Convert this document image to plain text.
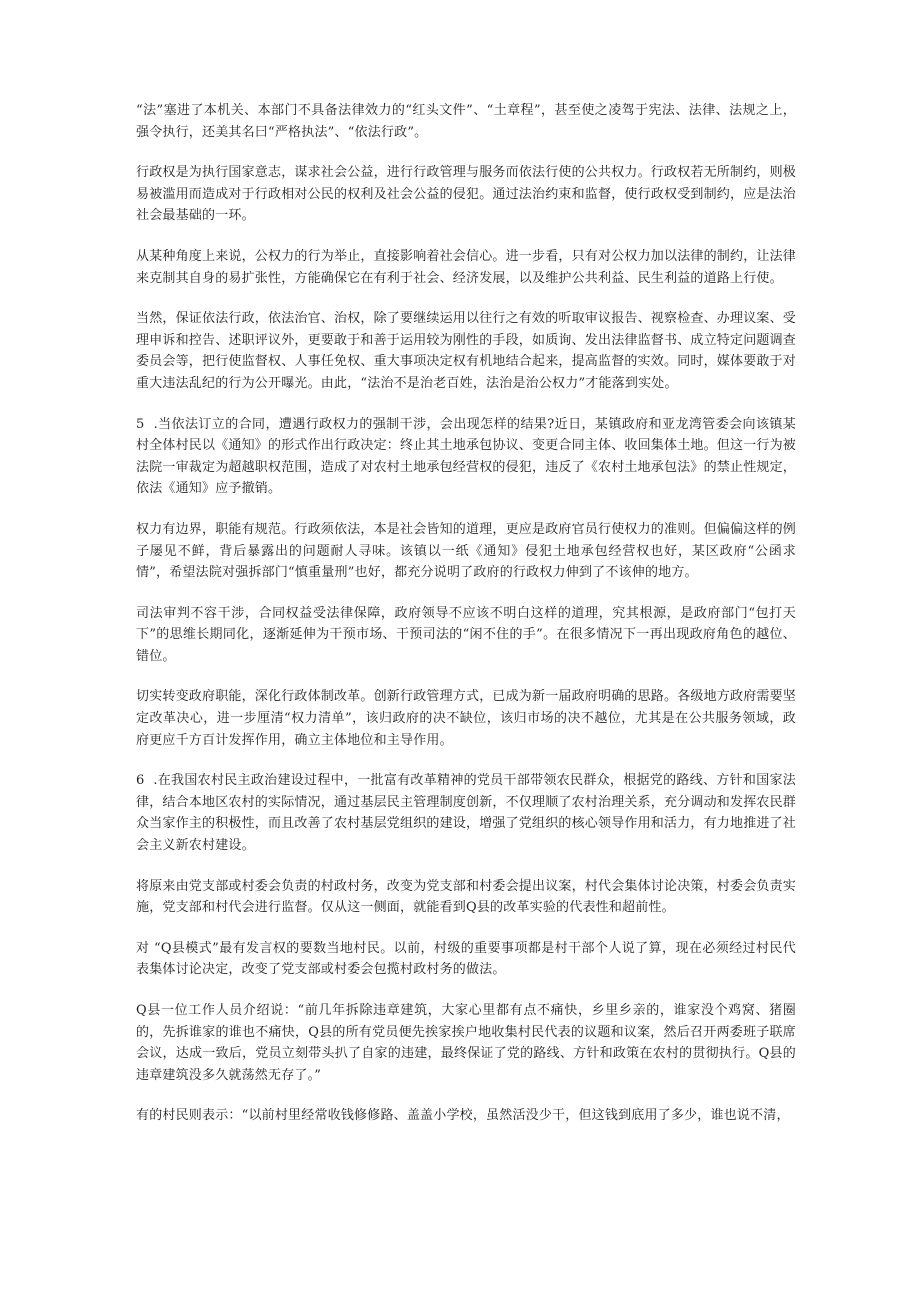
“法”塞进了本机关、本部门不具备法律效力的“红头文件”、“土章程”，甚至使之凌驾于宪法、法律、法规之上，强令执行，还美其名曰“严格执法”、“依法行政”。

行政权是为执行国家意志，谋求社会公益，进行行政管理与服务而依法行使的公共权力。行政权若无所制约，则极易被滥用而造成对于行政相对公民的权利及社会公益的侵犯。通过法治约束和监督，使行政权受到制约，应是法治社会最基础的一环。

从某种角度上来说，公权力的行为举止，直接影响着社会信心。进一步看，只有对公权力加以法律的制约，让法律来克制其自身的易扩张性，方能确保它在有利于社会、经济发展，以及维护公共利益、民生利益的道路上行使。

当然，保证依法行政，依法治官、治权，除了要继续运用以往行之有效的听取审议报告、视察检查、办理议案、受理申诉和控告、述职评议外，更要敢于和善于运用较为刚性的手段，如质询、发出法律监督书、成立特定问题调查委员会等，把行使监督权、人事任免权、重大事项决定权有机地结合起来，提高监督的实效。同时，媒体要敢于对重大违法乱纪的行为公开曝光。由此，“法治不是治老百姓，法治是治公权力”才能落到实处。

5  .当依法订立的合同，遭遇行政权力的强制干涉，会出现怎样的结果?近日，某镇政府和亚龙湾管委会向该镇某村全体村民以《通知》的形式作出行政决定：终止其土地承包协议、变更合同主体、收回集体土地。但这一行为被法院一审裁定为超越职权范围，造成了对农村土地承包经营权的侵犯，违反了《农村土地承包法》的禁止性规定，依法《通知》应予撤销。

权力有边界，职能有规范。行政须依法，本是社会皆知的道理，更应是政府官员行使权力的准则。但偏偏这样的例子屡见不鲜，背后暴露出的问题耐人寻味。该镇以一纸《通知》侵犯土地承包经营权也好，某区政府“公函求情”，希望法院对强拆部门“慎重量刑”也好，都充分说明了政府的行政权力伸到了不该伸的地方。

司法审判不容干涉，合同权益受法律保障，政府领导不应该不明白这样的道理，究其根源，是政府部门“包打天下”的思维长期同化，逐渐延伸为干预市场、干预司法的“闲不住的手”。在很多情况下一再出现政府角色的越位、错位。

切实转变政府职能，深化行政体制改革。创新行政管理方式，已成为新一届政府明确的思路。各级地方政府需要坚定改革决心，进一步厘清“权力清单”，该归政府的决不缺位，该归市场的决不越位，尤其是在公共服务领域，政府更应千方百计发挥作用，确立主体地位和主导作用。

6  .在我国农村民主政治建设过程中，一批富有改革精神的党员干部带领农民群众，根据党的路线、方针和国家法律，结合本地区农村的实际情况，通过基层民主管理制度创新，不仅理顺了农村治理关系，充分调动和发挥农民群众当家作主的积极性，而且改善了农村基层党组织的建设，增强了党组织的核心领导作用和活力，有力地推进了社会主义新农村建设。

将原来由党支部或村委会负责的村政村务，改变为党支部和村委会提出议案，村代会集体讨论决策，村委会负责实施，党支部和村代会进行监督。仅从这一侧面，就能看到Q县的改革实验的代表性和超前性。

对 “Q县模式”最有发言权的要数当地村民。以前，村级的重要事项都是村干部个人说了算，现在必须经过村民代表集体讨论决定，改变了党支部或村委会包揽村政村务的做法。

Q县一位工作人员介绍说：“前几年拆除违章建筑，大家心里都有点不痛快，乡里乡亲的，谁家没个鸡窝、猪圈的，先拆谁家的谁也不痛快，Q县的所有党员便先挨家挨户地收集村民代表的议题和议案，然后召开两委班子联席会议，达成一致后，党员立刻带头扒了自家的违建，最终保证了党的路线、方针和政策在农村的贯彻执行。Q县的违章建筑没多久就荡然无存了。”

有的村民则表示：“以前村里经常收钱修修路、盖盖小学校，虽然活没少干，但这钱到底用了多少，谁也说不清，
